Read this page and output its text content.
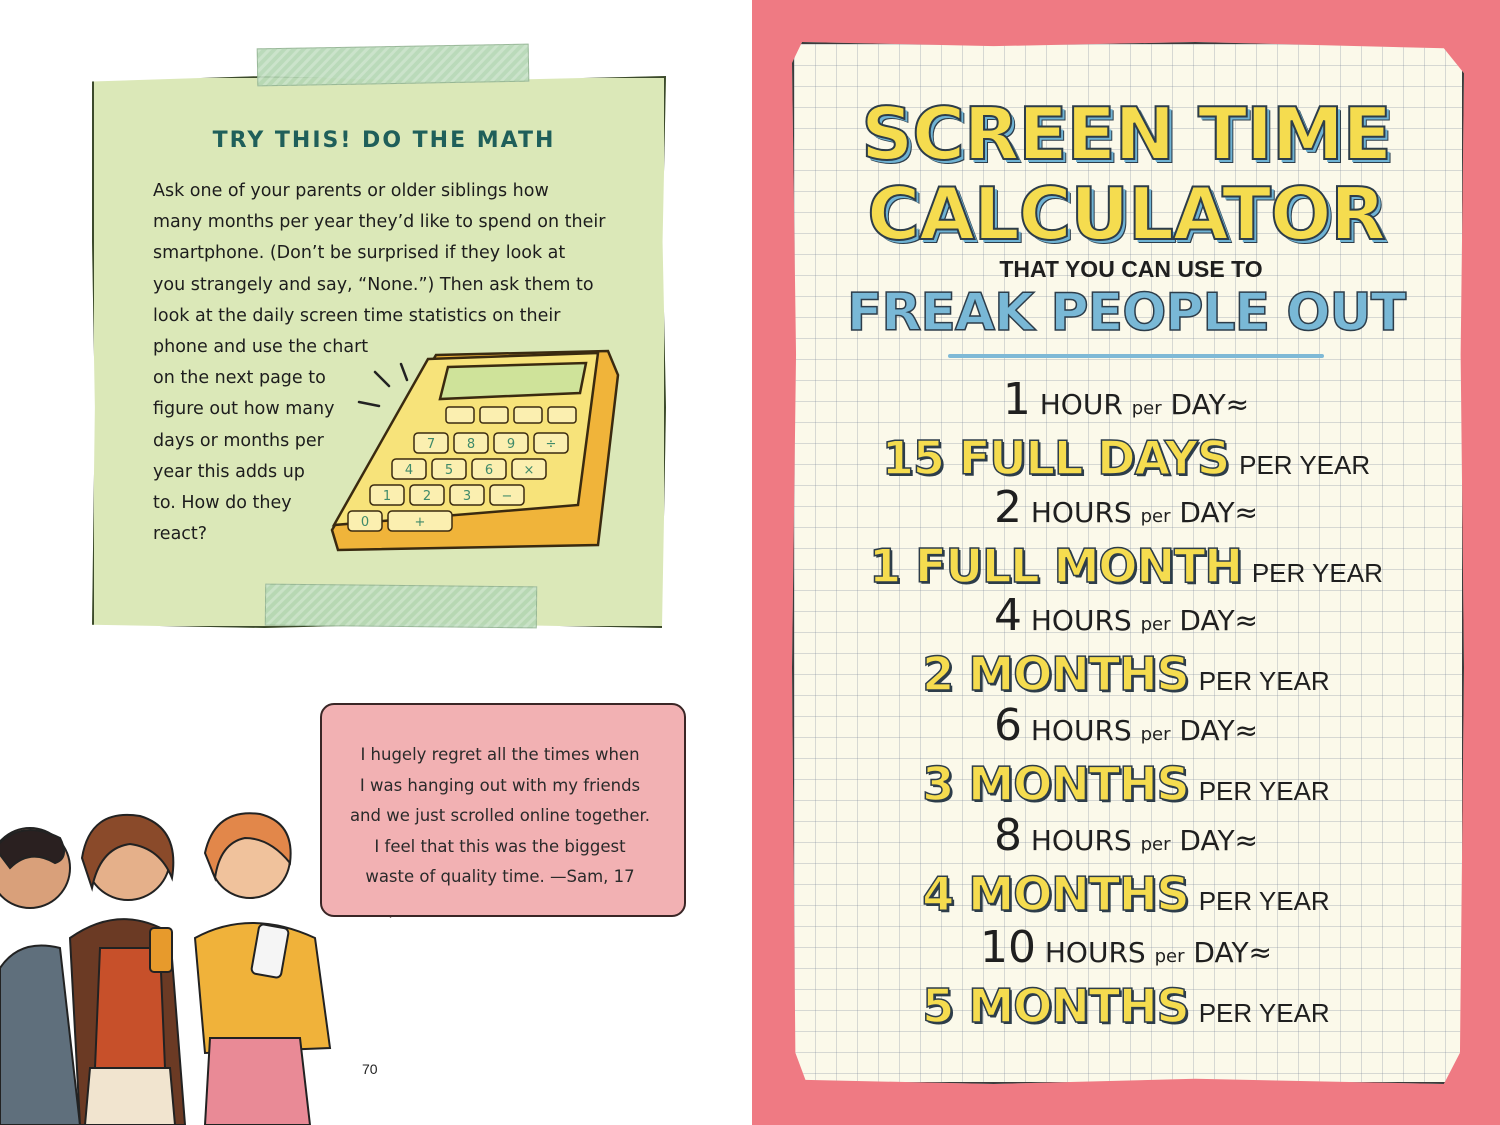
TRY THIS! DO THE MATH
Ask one of your parents or older siblings how
many months per year they’d like to spend on their
smartphone. (Don’t be surprised if they look at
you strangely and say, “None.”) Then ask them to
look at the daily screen time statistics on their
phone and use the chart
on the next page to
figure out how many
days or months per
year this adds up
to. How do they
react?
7 8 9 ÷
4 5 6 ×
1 2 3 −
0	+
I hugely regret all the times when
I was hanging out with my friends
and we just scrolled online together.
I feel that this was the biggest
waste of quality time. —Sam, 17
70
SCREEN TIME
CALCULATOR
THAT YOU CAN USE TO
FREAK PEOPLE OUT
1 HOUR per DAY≈
15 FULL DAYS PER YEAR
2 HOURS per DAY≈
1 FULL MONTH PER YEAR
4 HOURS per DAY≈
2 MONTHS PER YEAR
6 HOURS per DAY≈
3 MONTHS PER YEAR
8 HOURS per DAY≈
4 MONTHS PER YEAR
10 HOURS per DAY≈
5 MONTHS PER YEAR
